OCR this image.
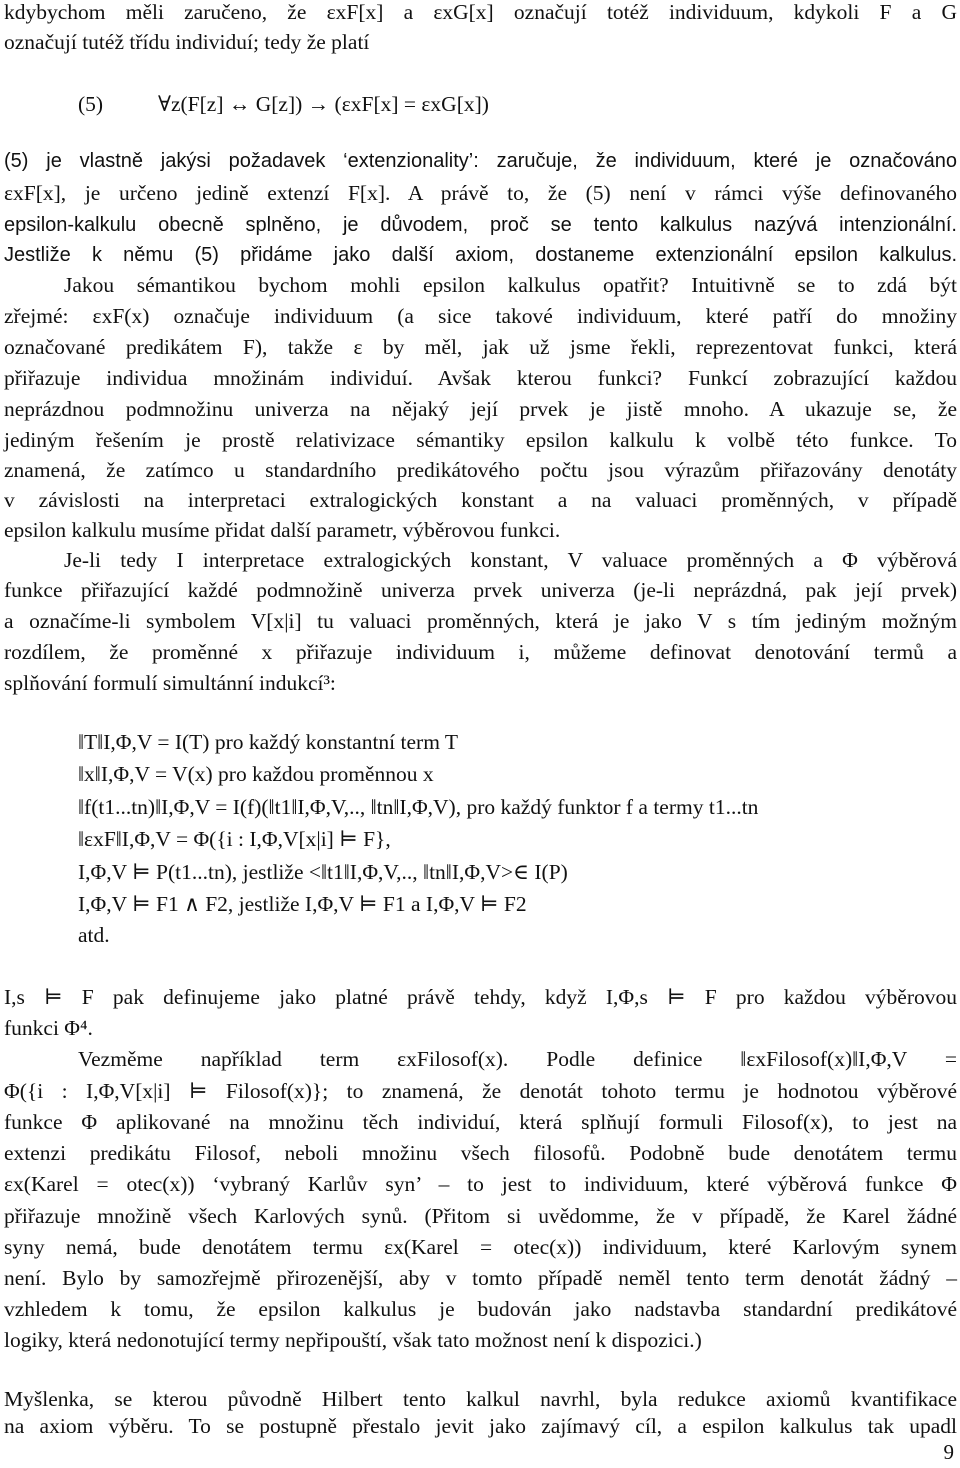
kdybychom měli zaručeno, že εxF[x] a εxG[x] označují totéž individuum, kdykoli F a G
označují tutéž třídu individuí; tedy že platí
(5)	∀z(F[z] ↔ G[z]) → (εxF[x] = εxG[x])
(5) je vlastně jakýsi požadavek ‘extenzionality’: zaručuje, že individuum, které je označováno
εxF[x], je určeno jedině extenzí F[x]. A právě to, že (5) není v rámci výše definovaného
epsilon-kalkulu obecně splněno, je důvodem, proč se tento kalkulus nazývá intenzionální.
Jestliže k němu (5) přidáme jako další axiom, dostaneme extenzionální epsilon kalkulus.
Jakou sémantikou bychom mohli epsilon kalkulus opatřit? Intuitivně se to zdá být
zřejmé: εxF(x) označuje individuum (a sice takové individuum, které patří do množiny
označované predikátem F), takže ε by měl, jak už jsme řekli, reprezentovat funkci, která
přiřazuje individua množinám individuí. Avšak kterou funkci? Funkcí zobrazující každou
neprázdnou podmnožinu univerza na nějaký její prvek je jistě mnoho. A ukazuje se, že
jediným řešením je prostě relativizace sémantiky epsilon kalkulu k volbě této funkce. To
znamená, že zatímco u standardního predikátového počtu jsou výrazům přiřazovány denotáty
v závislosti na interpretaci extralogických konstant a na valuaci proměnných, v případě
epsilon kalkulu musíme přidat další parametr, výběrovou funkci.
Je-li tedy I interpretace extralogických konstant, V valuace proměnných a Φ výběrová
funkce přiřazující každé podmnožině univerza prvek univerza (je-li neprázdná, pak její prvek)
a označíme-li symbolem V[x|i] tu valuaci proměnných, která je jako V s tím jediným možným
rozdílem, že proměnné x přiřazuje individuum i, můžeme definovat denotování termů a
splňování formulí simultánní indukcí³:
‖T‖I,Φ,V = I(T) pro každý konstantní term T
‖x‖I,Φ,V = V(x) pro každou proměnnou x
‖f(t1...tn)‖I,Φ,V = I(f)(‖t1‖I,Φ,V,.., ‖tn‖I,Φ,V), pro každý funktor f a termy t1...tn
‖εxF‖I,Φ,V = Φ({i : I,Φ,V[x|i] ⊨ F},
I,Φ,V ⊨ P(t1...tn), jestliže <‖t1‖I,Φ,V,.., ‖tn‖I,Φ,V>∈ I(P)
I,Φ,V ⊨ F1 ∧ F2, jestliže I,Φ,V ⊨ F1 a I,Φ,V ⊨ F2
atd.
I,s ⊨ F pak definujeme jako platné právě tehdy, když I,Φ,s ⊨ F pro každou výběrovou
funkci Φ⁴.
Vezměme například term εxFilosof(x). Podle definice ‖εxFilosof(x)‖I,Φ,V =
Φ({i : I,Φ,V[x|i] ⊨ Filosof(x)}; to znamená, že denotát tohoto termu je hodnotou výběrové
funkce Φ aplikované na množinu těch individuí, která splňují formuli Filosof(x), to jest na
extenzi predikátu Filosof, neboli množinu všech filosofů. Podobně bude denotátem termu
εx(Karel = otec(x)) ‘vybraný Karlův syn’ – to jest to individuum, které výběrová funkce Φ
přiřazuje množině všech Karlových synů. (Přitom si uvědomme, že v případě, že Karel žádné
syny nemá, bude denotátem termu εx(Karel = otec(x)) individuum, které Karlovým synem
není. Bylo by samozřejmě přirozenější, aby v tomto případě neměl tento term denotát žádný –
vzhledem k tomu, že epsilon kalkulus je budován jako nadstavba standardní predikátové
logiky, která nedonotující termy nepřipouští, však tato možnost není k dispozici.)
Myšlenka, se kterou původně Hilbert tento kalkul navrhl, byla redukce axiomů kvantifikace
na axiom výběru. To se postupně přestalo jevit jako zajímavý cíl, a espilon kalkulus tak upadl
9
